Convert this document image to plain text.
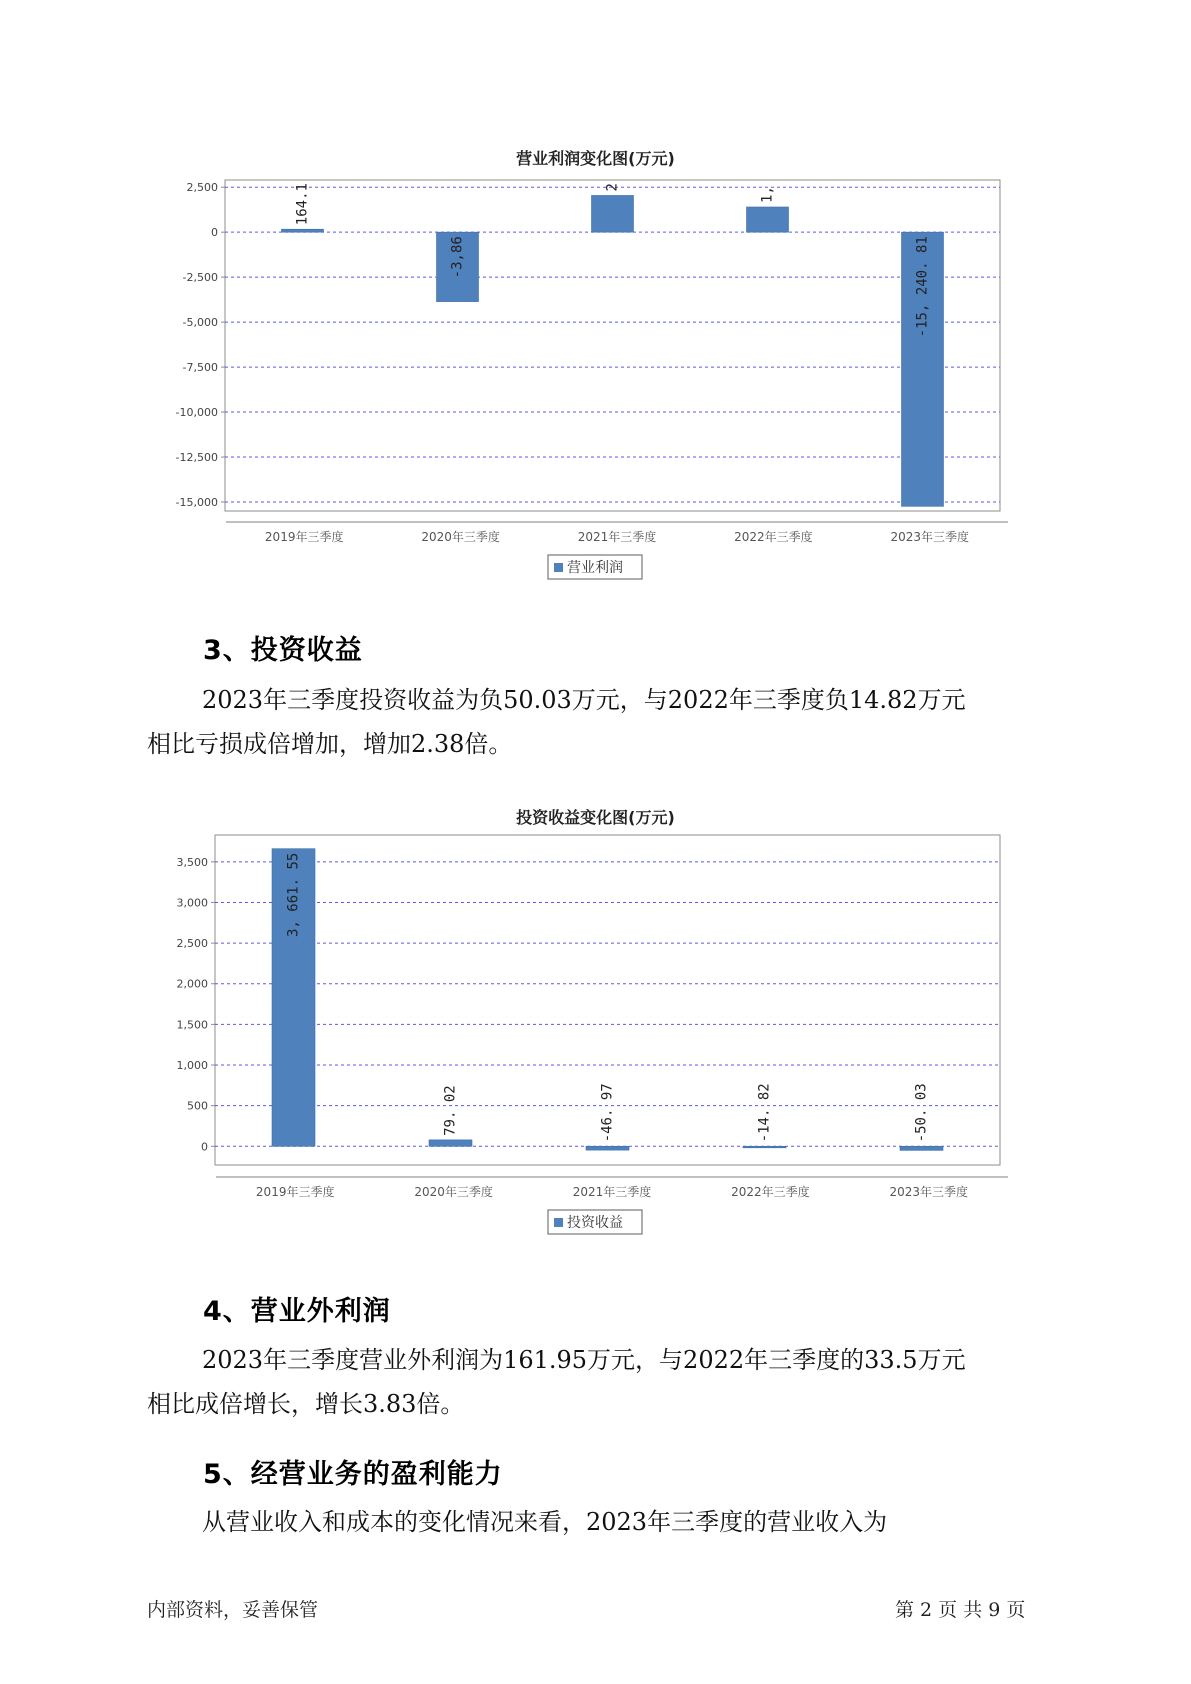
营业利润变化图(万元)
2,500
0
-2,500
-5,000
-7,500
-10,000
-12,500
-15,000
164.1
2019年三季度
-3,86
2020年三季度
2
2021年三季度
1,
2022年三季度
-15, 240. 81
2023年三季度
营业利润
3、投资收益

2023年三季度投资收益为负50.03万元，与2022年三季度负14.82万元

相比亏损成倍增加，增加2.38倍。

投资收益变化图(万元)
3,500
3,000
2,500
2,000
1,500
1,000
500
0
3, 661. 55
2019年三季度
79. 02
2020年三季度
-46. 97
2021年三季度
-14. 82
2022年三季度
-50. 03
2023年三季度
投资收益
4、营业外利润

2023年三季度营业外利润为161.95万元，与2022年三季度的33.5万元

相比成倍增长，增长3.83倍。

5、经营业务的盈利能力

从营业收入和成本的变化情况来看，2023年三季度的营业收入为

内部资料，妥善保管	第 2 页 共 9 页
